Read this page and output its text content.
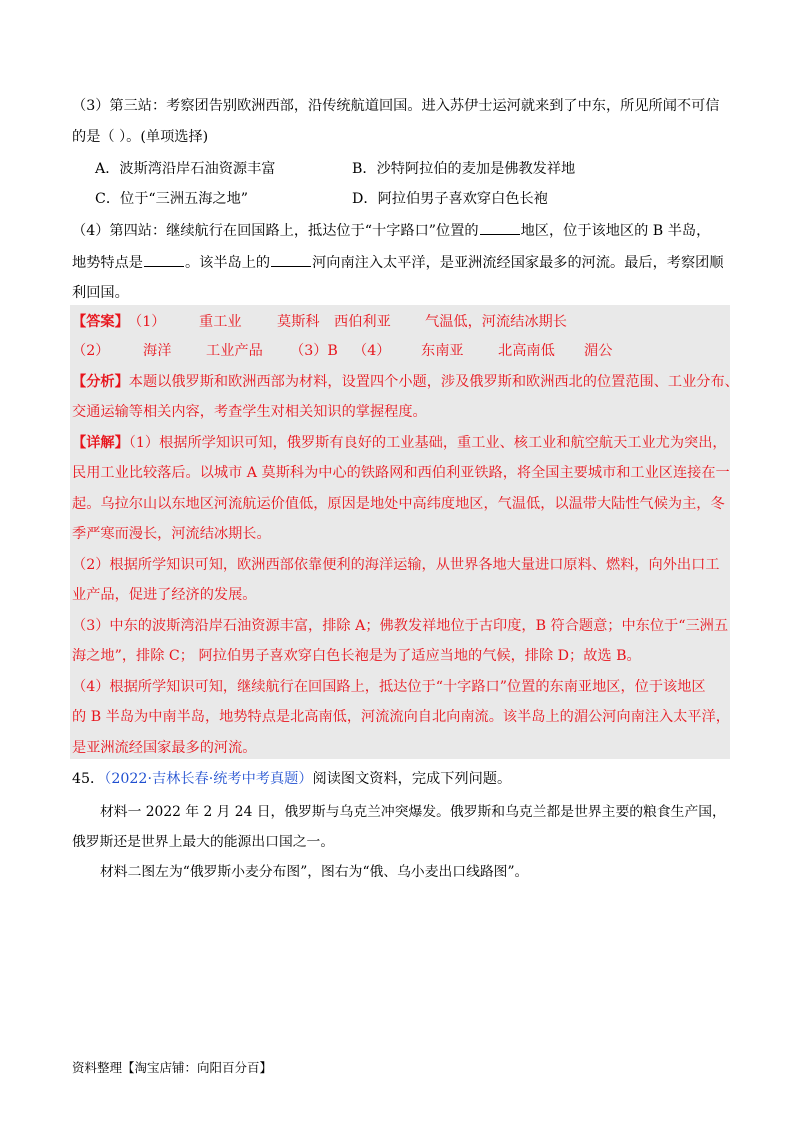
（3）第三站：考察团告别欧洲西部，沿传统航道回国。进入苏伊士运河就来到了中东，所见所闻不可信
的是（ ）。(单项选择)
A．波斯湾沿岸石油资源丰富	B．沙特阿拉伯的麦加是佛教发祥地
C．位于“三洲五海之地”	D．阿拉伯男子喜欢穿白色长袍
（4）第四站：继续航行在回国路上，抵达位于“十字路口”位置的	地区，位于该地区的 B 半岛，
地势特点是	。该半岛上的	河向南注入太平洋，是亚洲流经国家最多的河流。最后，考察团顺
利回国。
【答案】 （1） 重工业 莫斯科 西伯利亚 气温低，河流结冰期长
（2） 海洋 工业产品 （3）B （4） 东南亚 北高南低 湄公
【分析】本题以俄罗斯和欧洲西部为材料，设置四个小题，涉及俄罗斯和欧洲西北的位置范围、工业分布、
交通运输等相关内容，考查学生对相关知识的掌握程度。
【详解】（1）根据所学知识可知，俄罗斯有良好的工业基础，重工业、核工业和航空航天工业尤为突出，
民用工业比较落后。以城市 A 莫斯科为中心的铁路网和西伯利亚铁路，将全国主要城市和工业区连接在一
起。乌拉尔山以东地区河流航运价值低，原因是地处中高纬度地区，气温低，以温带大陆性气候为主，冬
季严寒而漫长，河流结冰期长。
（2）根据所学知识可知，欧洲西部依靠便利的海洋运输，从世界各地大量进口原料、燃料，向外出口工
业产品，促进了经济的发展。
（3）中东的波斯湾沿岸石油资源丰富，排除 A；佛教发祥地位于古印度，B 符合题意；中东位于“三洲五
海之地”，排除 C； 阿拉伯男子喜欢穿白色长袍是为了适应当地的气候，排除 D；故选 B。
（4）根据所学知识可知，继续航行在回国路上，抵达位于“十字路口”位置的东南亚地区，位于该地区
的 B 半岛为中南半岛，地势特点是北高南低，河流流向自北向南流。该半岛上的湄公河向南注入太平洋，
是亚洲流经国家最多的河流。
45．（2022·吉林长春·统考中考真题）阅读图文资料，完成下列问题。
材料一 2022 年 2 月 24 日，俄罗斯与乌克兰冲突爆发。俄罗斯和乌克兰都是世界主要的粮食生产国，
俄罗斯还是世界上最大的能源出口国之一。
材料二图左为“俄罗斯小麦分布图”，图右为“俄、乌小麦出口线路图”。
资料整理【淘宝店铺：向阳百分百】
